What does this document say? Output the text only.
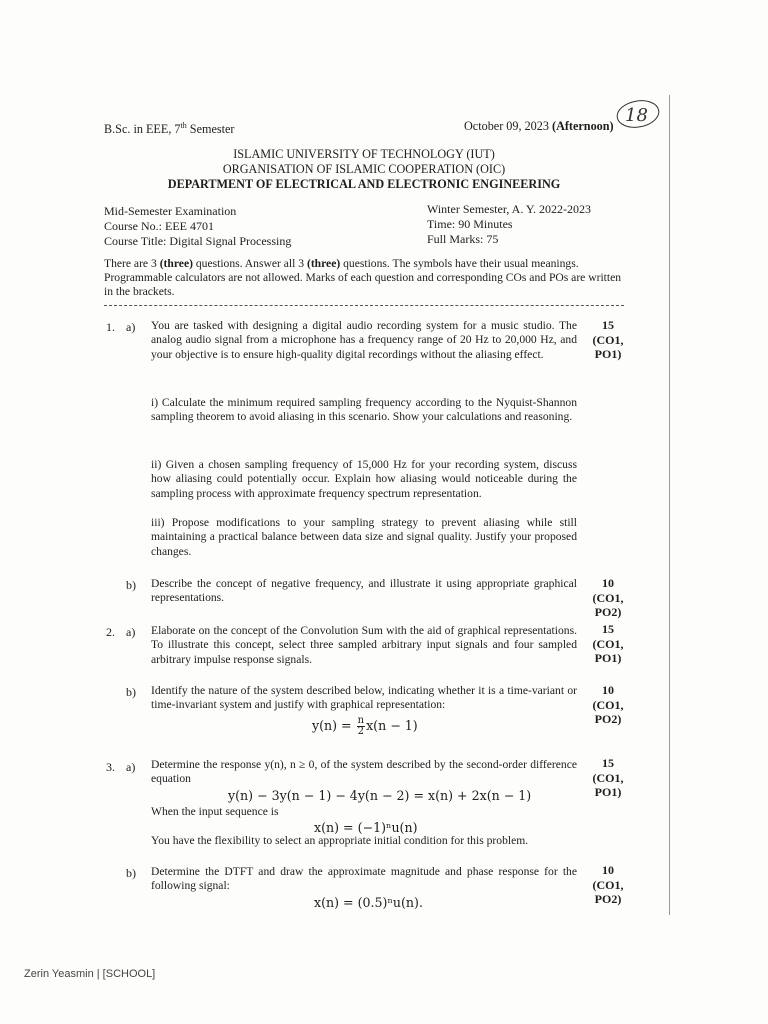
B.Sc. in EEE, 7th Semester	October 09, 2023 (Afternoon) 18
ISLAMIC UNIVERSITY OF TECHNOLOGY (IUT)
ORGANISATION OF ISLAMIC COOPERATION (OIC)
DEPARTMENT OF ELECTRICAL AND ELECTRONIC ENGINEERING
Mid-Semester Examination
Course No.: EEE 4701
Course Title: Digital Signal Processing
Winter Semester, A. Y. 2022-2023
Time: 90 Minutes
Full Marks: 75
There are 3 (three) questions. Answer all 3 (three) questions. The symbols have their usual meanings. Programmable calculators are not allowed. Marks of each question and corresponding COs and POs are written in the brackets.
1. a) You are tasked with designing a digital audio recording system for a music studio. The analog audio signal from a microphone has a frequency range of 20 Hz to 20,000 Hz, and your objective is to ensure high-quality digital recordings without the aliasing effect.
15
(CO1,
PO1)
i) Calculate the minimum required sampling frequency according to the Nyquist-Shannon sampling theorem to avoid aliasing in this scenario. Show your calculations and reasoning.
ii) Given a chosen sampling frequency of 15,000 Hz for your recording system, discuss how aliasing could potentially occur. Explain how aliasing would noticeable during the sampling process with approximate frequency spectrum representation.
iii) Propose modifications to your sampling strategy to prevent aliasing while still maintaining a practical balance between data size and signal quality. Justify your proposed changes.
b) Describe the concept of negative frequency, and illustrate it using appropriate graphical representations.
10
(CO1,
PO2)
2. a) Elaborate on the concept of the Convolution Sum with the aid of graphical representations. To illustrate this concept, select three sampled arbitrary input signals and four sampled arbitrary impulse response signals.
15
(CO1,
PO1)
b) Identify the nature of the system described below, indicating whether it is a time-variant or time-invariant system and justify with graphical representation:
$y(n) = \frac{n}{2} x(n - 1)$
10
(CO1,
PO2)
3. a) Determine the response y(n), n ≥ 0, of the system described by the second-order difference equation
y(n) − 3y(n − 1) − 4y(n − 2) = x(n) + 2x(n − 1)
When the input sequence is
x(n) = (−1)ⁿu(n)
You have the flexibility to select an appropriate initial condition for this problem.
15
(CO1,
PO1)
b) Determine the DTFT and draw the approximate magnitude and phase response for the following signal:
x(n) = (0.5)ⁿu(n).
10
(CO1,
PO2)
Zerin Yeasmin | [SCHOOL]
